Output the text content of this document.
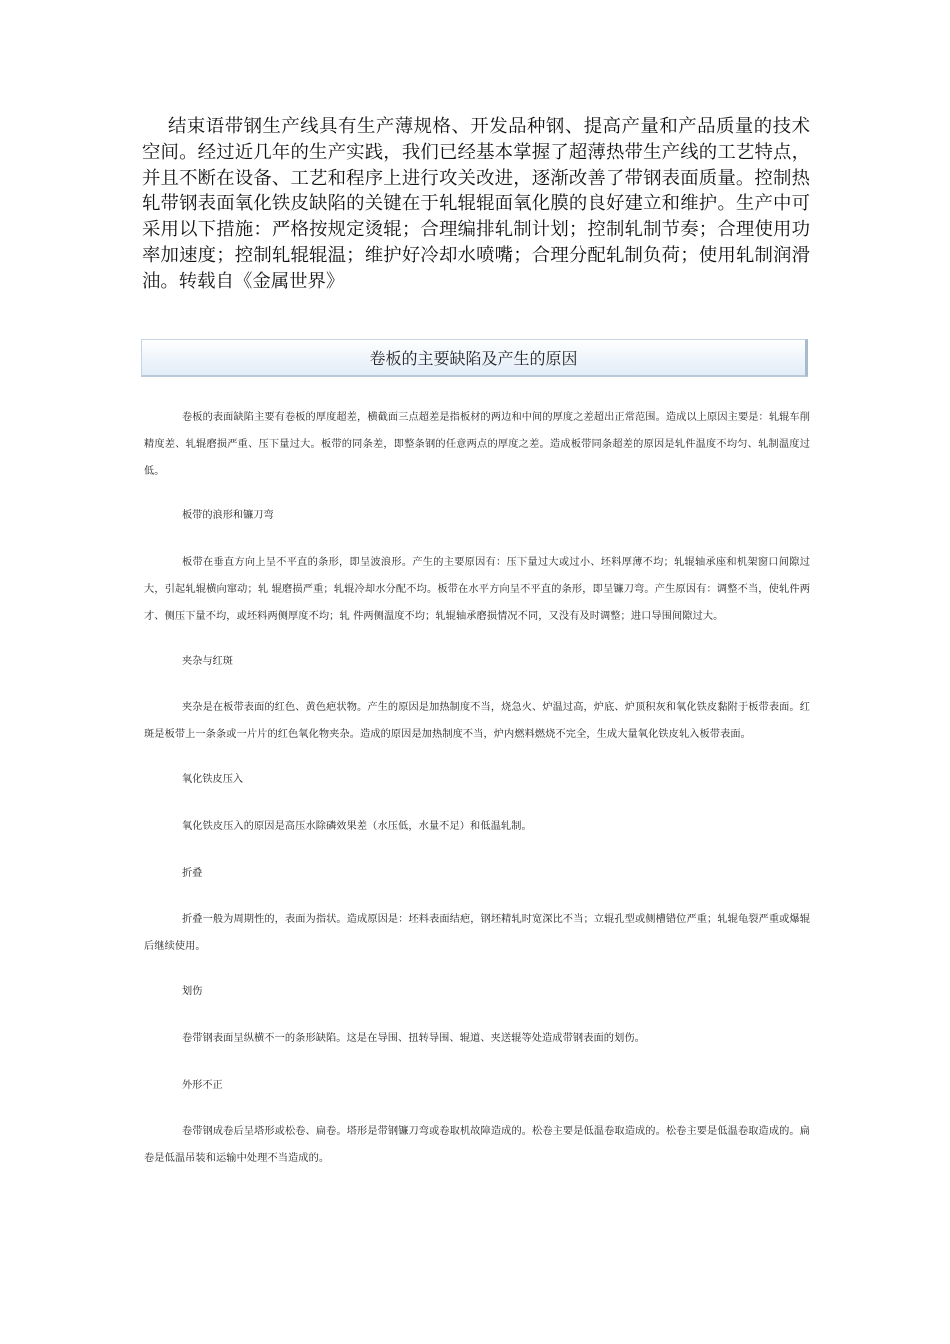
结束语带钢生产线具有生产薄规格、开发品种钢、提高产量和产品质量的技术空间。经过近几年的生产实践，我们已经基本掌握了超薄热带生产线的工艺特点，并且不断在设备、工艺和程序上进行攻关改进，逐渐改善了带钢表面质量。控制热轧带钢表面氧化铁皮缺陷的关键在于轧辊辊面氧化膜的良好建立和维护。生产中可采用以下措施：严格按规定烫辊；合理编排轧制计划；控制轧制节奏；合理使用功率加速度；控制轧辊辊温；维护好冷却水喷嘴；合理分配轧制负荷；使用轧制润滑油。转载自《金属世界》

卷板的主要缺陷及产生的原因

卷板的表面缺陷主要有卷板的厚度超差，横截面三点超差是指板材的两边和中间的厚度之差超出正常范围。造成以上原因主要是：轧辊车削精度差、轧辊磨损严重、压下量过大。板带的同条差，即整条钢的任意两点的厚度之差。造成板带同条超差的原因是轧件温度不均匀、轧制温度过低。

板带的浪形和镰刀弯

板带在垂直方向上呈不平直的条形，即呈波浪形。产生的主要原因有：压下量过大或过小、坯料厚薄不均；轧辊轴承座和机架窗口间隙过大，引起轧辊横向窜动；轧 辊磨损严重；轧辊冷却水分配不均。板带在水平方向呈不平直的条形，即呈镰刀弯。产生原因有：调整不当，使轧件两才、侧压下量不均，或坯料两侧厚度不均；轧 件两侧温度不均；轧辊轴承磨损情况不同，又没有及时调整；进口导围间隙过大。

夹杂与红斑

夹杂是在板带表面的红色、黄色疤状物。产生的原因是加热制度不当，烧急火、炉温过高，炉底、炉顶积灰和氧化铁皮黏附于板带表面。红斑是板带上一条条或一片片的红色氧化物夹杂。造成的原因是加热制度不当，炉内燃料燃烧不完全，生成大量氧化铁皮轧入板带表面。

氧化铁皮压入

氧化铁皮压入的原因是高压水除磷效果差（水压低，水量不足）和低温轧制。

折叠

折叠一般为周期性的，表面为指状。造成原因是：坯料表面结疤，钢坯精轧时宽深比不当；立辊孔型或侧槽错位严重；轧辊龟裂严重或爆辊后继续使用。

划伤

卷带钢表面呈纵横不一的条形缺陷。这是在导围、扭转导围、辊道、夹送辊等处造成带钢表面的划伤。

外形不正

卷带钢成卷后呈塔形或松卷、扁卷。塔形是带钢镰刀弯或卷取机故障造成的。松卷主要是低温卷取造成的。松卷主要是低温卷取造成的。扁卷是低温吊装和运输中处理不当造成的。
